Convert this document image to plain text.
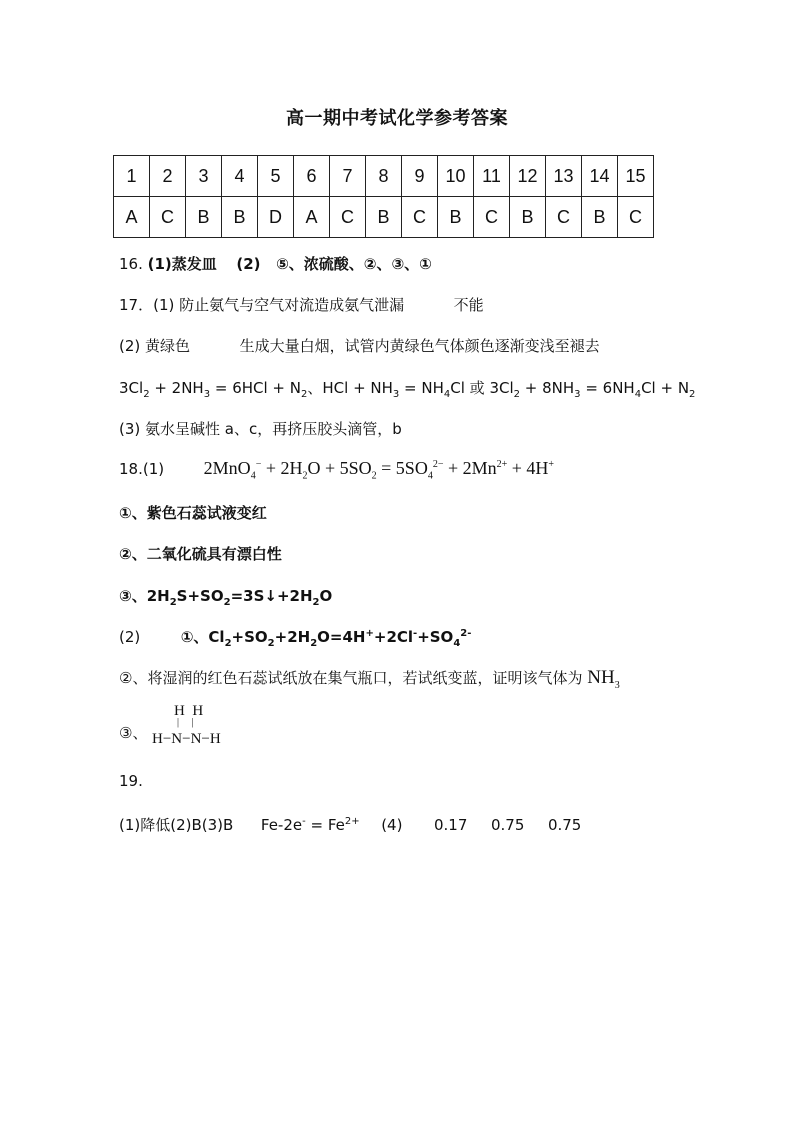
高一期中考试化学参考答案
1	2	3	4	5	6	7	8	9	10	11	12	13	14	15
A	C	B	B	D	A	C	B	C	B	C	B	C	B	C
16. (1)蒸发皿 (2) ⑤、浓硫酸、②、③、①
17．(1) 防止氨气与空气对流造成氨气泄漏	不能
(2) 黄绿色	生成大量白烟，试管内黄绿色气体颜色逐渐变浅至褪去
$3Cl_2 + 2NH_3 = 6HCl + N_2$、HCl + $NH_3 = NH_4Cl$ 或 $3Cl_2 + 8NH_3 = 6NH_4Cl + N_2$
(3) 氨水呈碱性 a、c，再挤压胶头滴管，b
18.(1) $2MnO_4^- + 2H_2O + 5SO_2 = 5SO_4^{2-} + 2Mn^{2+} + 4H^+$
①、紫色石蕊试液变红
②、二氧化硫具有漂白性
③、$2H_2S+SO_2=3S↓+2H_2O$
(2)	①、$Cl_2+SO_2+2H_2O=4H^++2Cl^-+SO_4^{2-}$
②、将湿润的红色石蕊试纸放在集气瓶口，若试纸变蓝，证明该气体为 $NH_3$
③、
H  H
|     |
H−N−N−H
19.
(1)降低(2)B(3)B $Fe-2e^- = Fe^{2+}$ (4) 0.17 0.75 0.75
